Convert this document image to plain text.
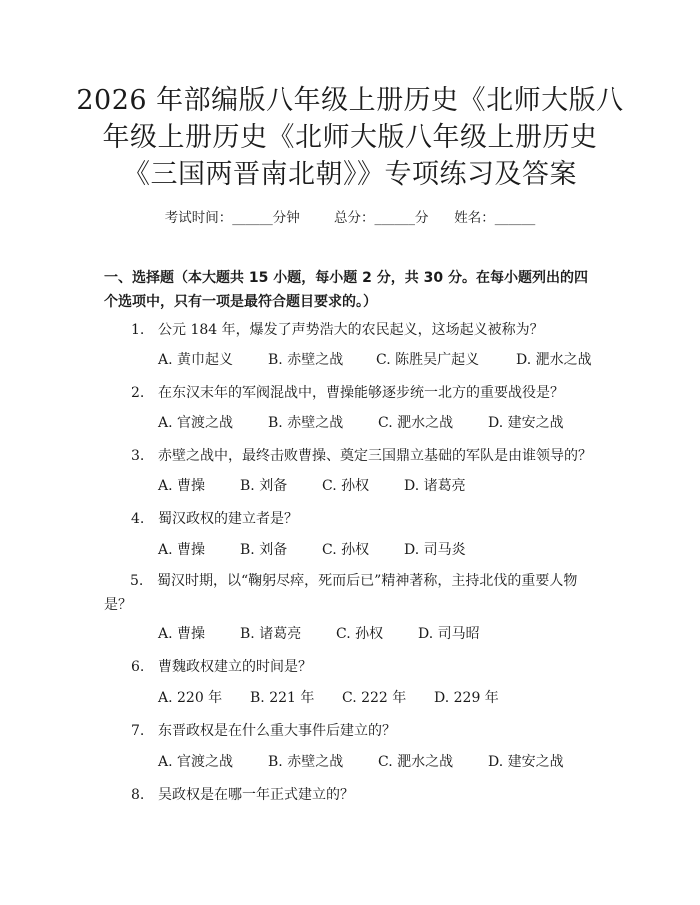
2026 年部编版八年级上册历史《北师大版八
年级上册历史《北师大版八年级上册历史
《三国两晋南北朝》》专项练习及答案
考试时间：______分钟	总分：______分 姓名：______

一、选择题（本大题共 15 小题，每小题 2 分，共 30 分。在每小题列出的四个选项中，只有一项是最符合题目要求的。）

1. 公元 184 年，爆发了声势浩大的农民起义，这场起义被称为？
A. 黄巾起义 B. 赤壁之战 C. 陈胜吴广起义	D. 淝水之战
2. 在东汉末年的军阀混战中，曹操能够逐步统一北方的重要战役是？
A. 官渡之战 B. 赤壁之战 C. 淝水之战 D. 建安之战
3. 赤壁之战中，最终击败曹操、奠定三国鼎立基础的军队是由谁领导的？
A. 曹操 B. 刘备 C. 孙权 D. 诸葛亮
4. 蜀汉政权的建立者是？
A. 曹操 B. 刘备 C. 孙权 D. 司马炎
5. 蜀汉时期，以“鞠躬尽瘁，死而后已”精神著称，主持北伐的重要人物是？
A. 曹操 B. 诸葛亮 C. 孙权 D. 司马昭
6. 曹魏政权建立的时间是？
A. 220 年 B. 221 年 C. 222 年 D. 229 年
7. 东晋政权是在什么重大事件后建立的？
A. 官渡之战 B. 赤壁之战 C. 淝水之战 D. 建安之战
8. 吴政权是在哪一年正式建立的？
